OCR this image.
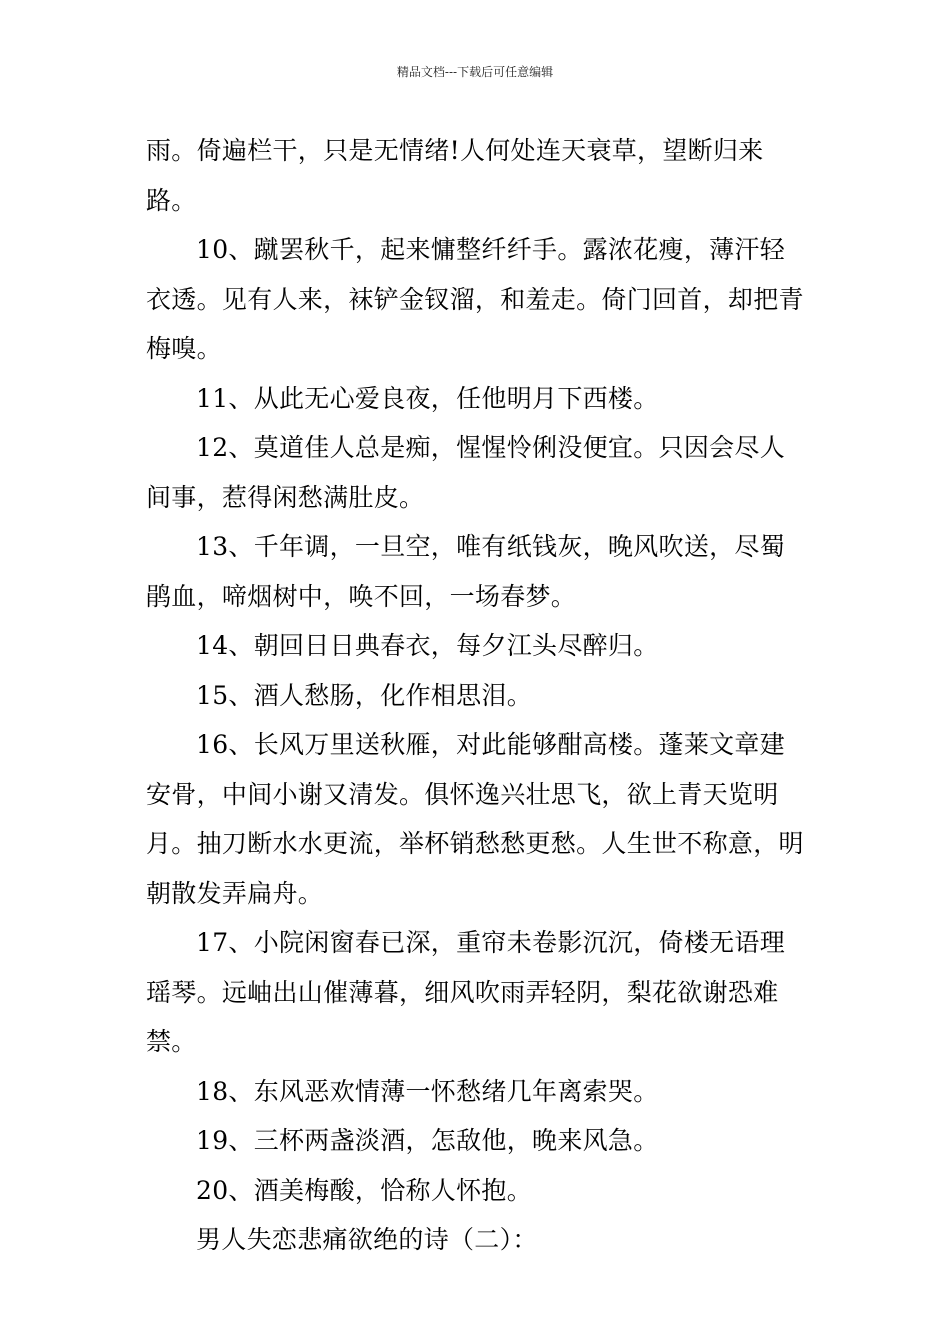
精品文档---下载后可任意编辑

雨。倚遍栏干，只是无情绪!人何处连天衰草，望断归来路。

10、蹴罢秋千，起来慵整纤纤手。露浓花瘦，薄汗轻衣透。见有人来，袜铲金钗溜，和羞走。倚门回首，却把青梅嗅。

11、从此无心爱良夜，任他明月下西楼。

12、莫道佳人总是痴，惺惺怜俐没便宜。只因会尽人间事，惹得闲愁满肚皮。

13、千年调，一旦空，唯有纸钱灰，晚风吹送，尽蜀鹃血，啼烟树中，唤不回，一场春梦。

14、朝回日日典春衣，每夕江头尽醉归。

15、酒人愁肠，化作相思泪。

16、长风万里送秋雁，对此能够酣高楼。蓬莱文章建安骨，中间小谢又清发。俱怀逸兴壮思飞，欲上青天览明月。抽刀断水水更流，举杯销愁愁更愁。人生世不称意，明朝散发弄扁舟。

17、小院闲窗春已深，重帘未卷影沉沉，倚楼无语理瑶琴。远岫出山催薄暮，细风吹雨弄轻阴，梨花欲谢恐难禁。

18、东风恶欢情薄一怀愁绪几年离索哭。

19、三杯两盏淡酒，怎敌他，晚来风急。

20、酒美梅酸，恰称人怀抱。

男人失恋悲痛欲绝的诗（二）：
